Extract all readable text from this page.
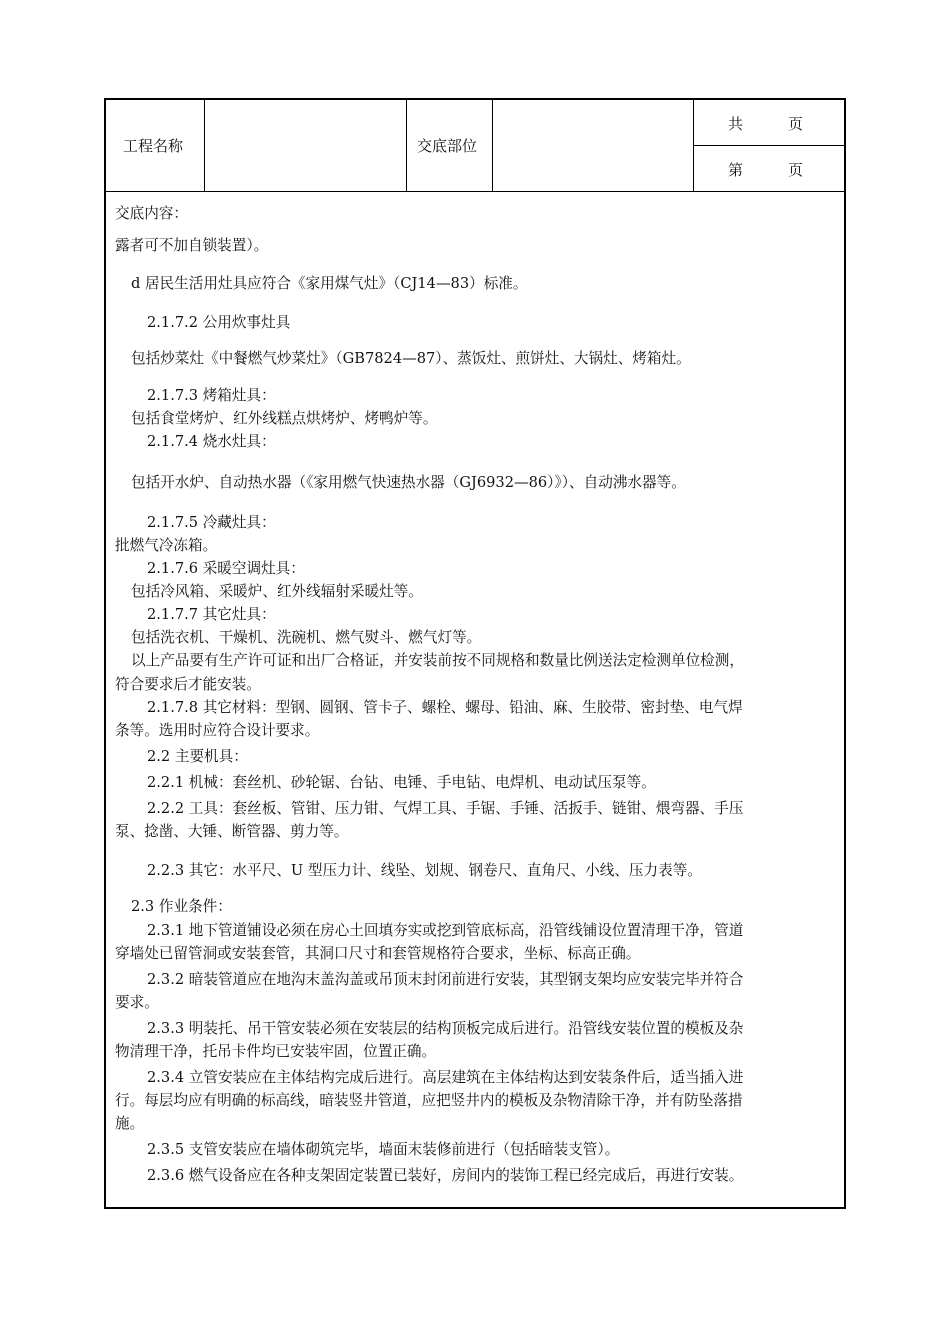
工程名称	交底部位
共　　　页
第　　　页
交底内容：
露者可不加自锁装置）。
d 居民生活用灶具应符合《家用煤气灶》（CJ14—83）标准。
2.1.7.2 公用炊事灶具
包括炒菜灶《中餐燃气炒菜灶》（GB7824—87）、蒸饭灶、煎饼灶、大锅灶、烤箱灶。
2.1.7.3 烤箱灶具：
包括食堂烤炉、红外线糕点烘烤炉、烤鸭炉等。
2.1.7.4 烧水灶具：
包括开水炉、自动热水器（《家用燃气快速热水器（GJ6932—86）》）、自动沸水器等。
2.1.7.5 冷藏灶具：
批燃气冷冻箱。
2.1.7.6 采暖空调灶具：
包括冷风箱、采暖炉、红外线辐射采暖灶等。
2.1.7.7 其它灶具：
包括洗衣机、干燥机、洗碗机、燃气熨斗、燃气灯等。
以上产品要有生产许可证和出厂合格证，并安装前按不同规格和数量比例送法定检测单位检测，
符合要求后才能安装。
2.1.7.8 其它材料：型钢、圆钢、管卡子、螺栓、螺母、铅油、麻、生胶带、密封垫、电气焊
条等。选用时应符合设计要求。
2.2 主要机具：
2.2.1 机械：套丝机、砂轮锯、台钻、电锤、手电钻、电焊机、电动试压泵等。
2.2.2 工具：套丝板、管钳、压力钳、气焊工具、手锯、手锤、活扳手、链钳、煨弯器、手压
泵、捻凿、大锤、断管器、剪力等。
2.2.3 其它：水平尺、U 型压力计、线坠、划规、钢卷尺、直角尺、小线、压力表等。
2.3 作业条件：
2.3.1 地下管道铺设必须在房心土回填夯实或挖到管底标高，沿管线铺设位置清理干净，管道
穿墙处已留管洞或安装套管，其洞口尺寸和套管规格符合要求，坐标、标高正确。
2.3.2 暗装管道应在地沟末盖沟盖或吊顶末封闭前进行安装，其型钢支架均应安装完毕并符合
要求。
2.3.3 明装托、吊干管安装必须在安装层的结构顶板完成后进行。沿管线安装位置的模板及杂
物清理干净，托吊卡件均已安装牢固，位置正确。
2.3.4 立管安装应在主体结构完成后进行。高层建筑在主体结构达到安装条件后，适当插入进
行。每层均应有明确的标高线，暗装竖井管道，应把竖井内的模板及杂物清除干净，并有防坠落措
施。
2.3.5 支管安装应在墙体砌筑完毕，墙面末装修前进行（包括暗装支管）。
2.3.6 燃气设备应在各种支架固定装置已装好，房间内的装饰工程已经完成后，再进行安装。
